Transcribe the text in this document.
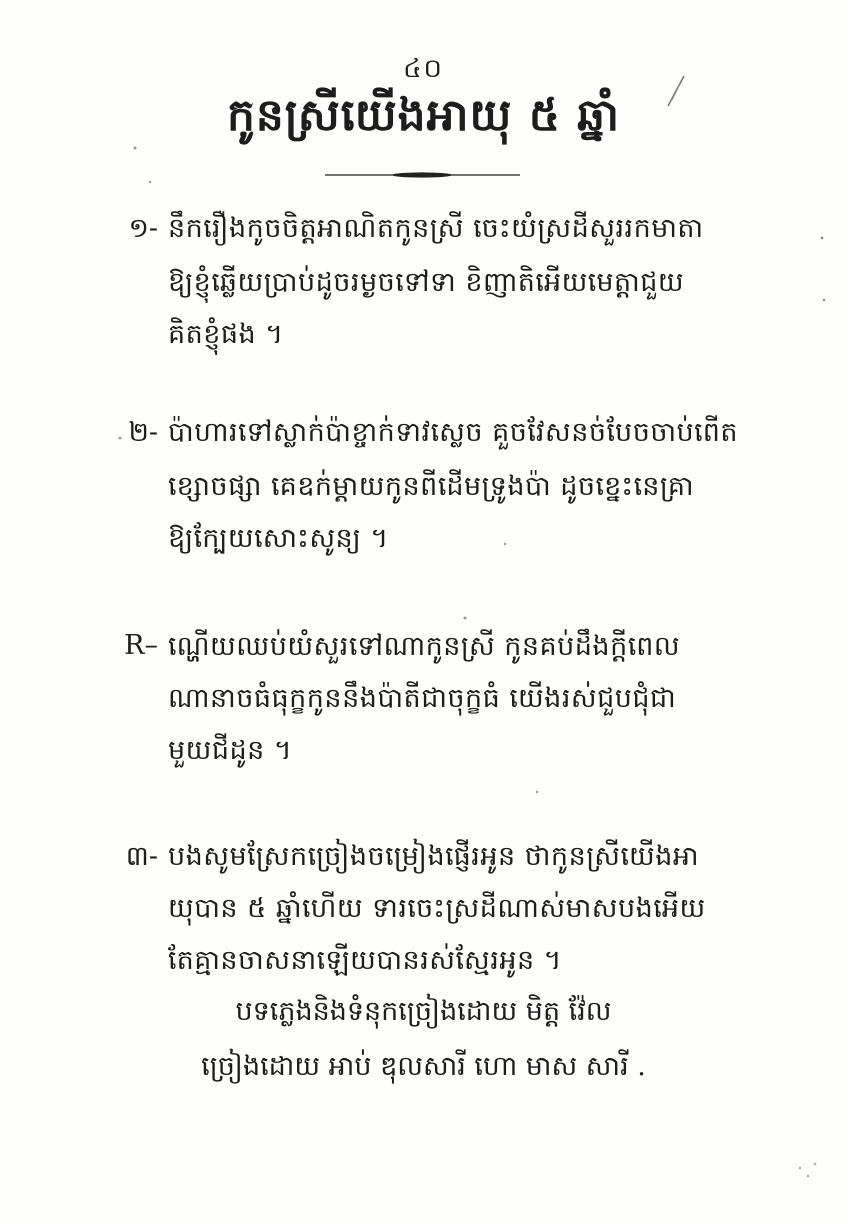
៤០
កូនស្រីយើងអាយុ ៥ ឆ្នាំ
១- នឹករឿងកូចចិត្តអាណិតកូនស្រី ចេះយំស្រដីសួររកមាតា
ឱ្យខ្ញុំឆ្លើយប្រាប់ដូចរម្ងចទៅទា ខិញាតិអើយមេត្តាជួយ
គិតខ្ញុំផង ។
២- ប៉ាហារទៅស្លាក់ប៉ាខ្ចាក់ទាវស្លេច គួចវែសនច់បែចចាប់ពើត
ខ្សោចផ្សា គេឧក់ម្តាយកូនពីដើមទ្រូងប៉ា ដូចខ្នេះនេគ្រា
ឱ្យក្បែយសោះសូន្យ ។
R– ណ្ហើយឈប់យំសួរទៅណាកូនស្រី កូនគប់ដឹងក្តីពេល
ណានាចធំធុក្ខកូននឹងប៉ាតីជាចុក្ខធំ យើងរស់ជួបជុំជា
មួយជីដូន ។
៣- បងសូមស្រែកច្រៀងចម្រៀងផ្ញើរអូន ថាកូនស្រីយើងអា
យុបាន ៥ ឆ្នាំហើយ ទារចេះស្រដីណាស់មាសបងអើយ
តែគ្មានចាសនាឡើយបានរស់ស្មែរអូន ។
បទភ្លេងនិងទំនុកច្រៀងដោយ មិត្ត វ៉ែល
ច្រៀងដោយ អាប់ ឌុលសារី ហោ មាស សារី .
